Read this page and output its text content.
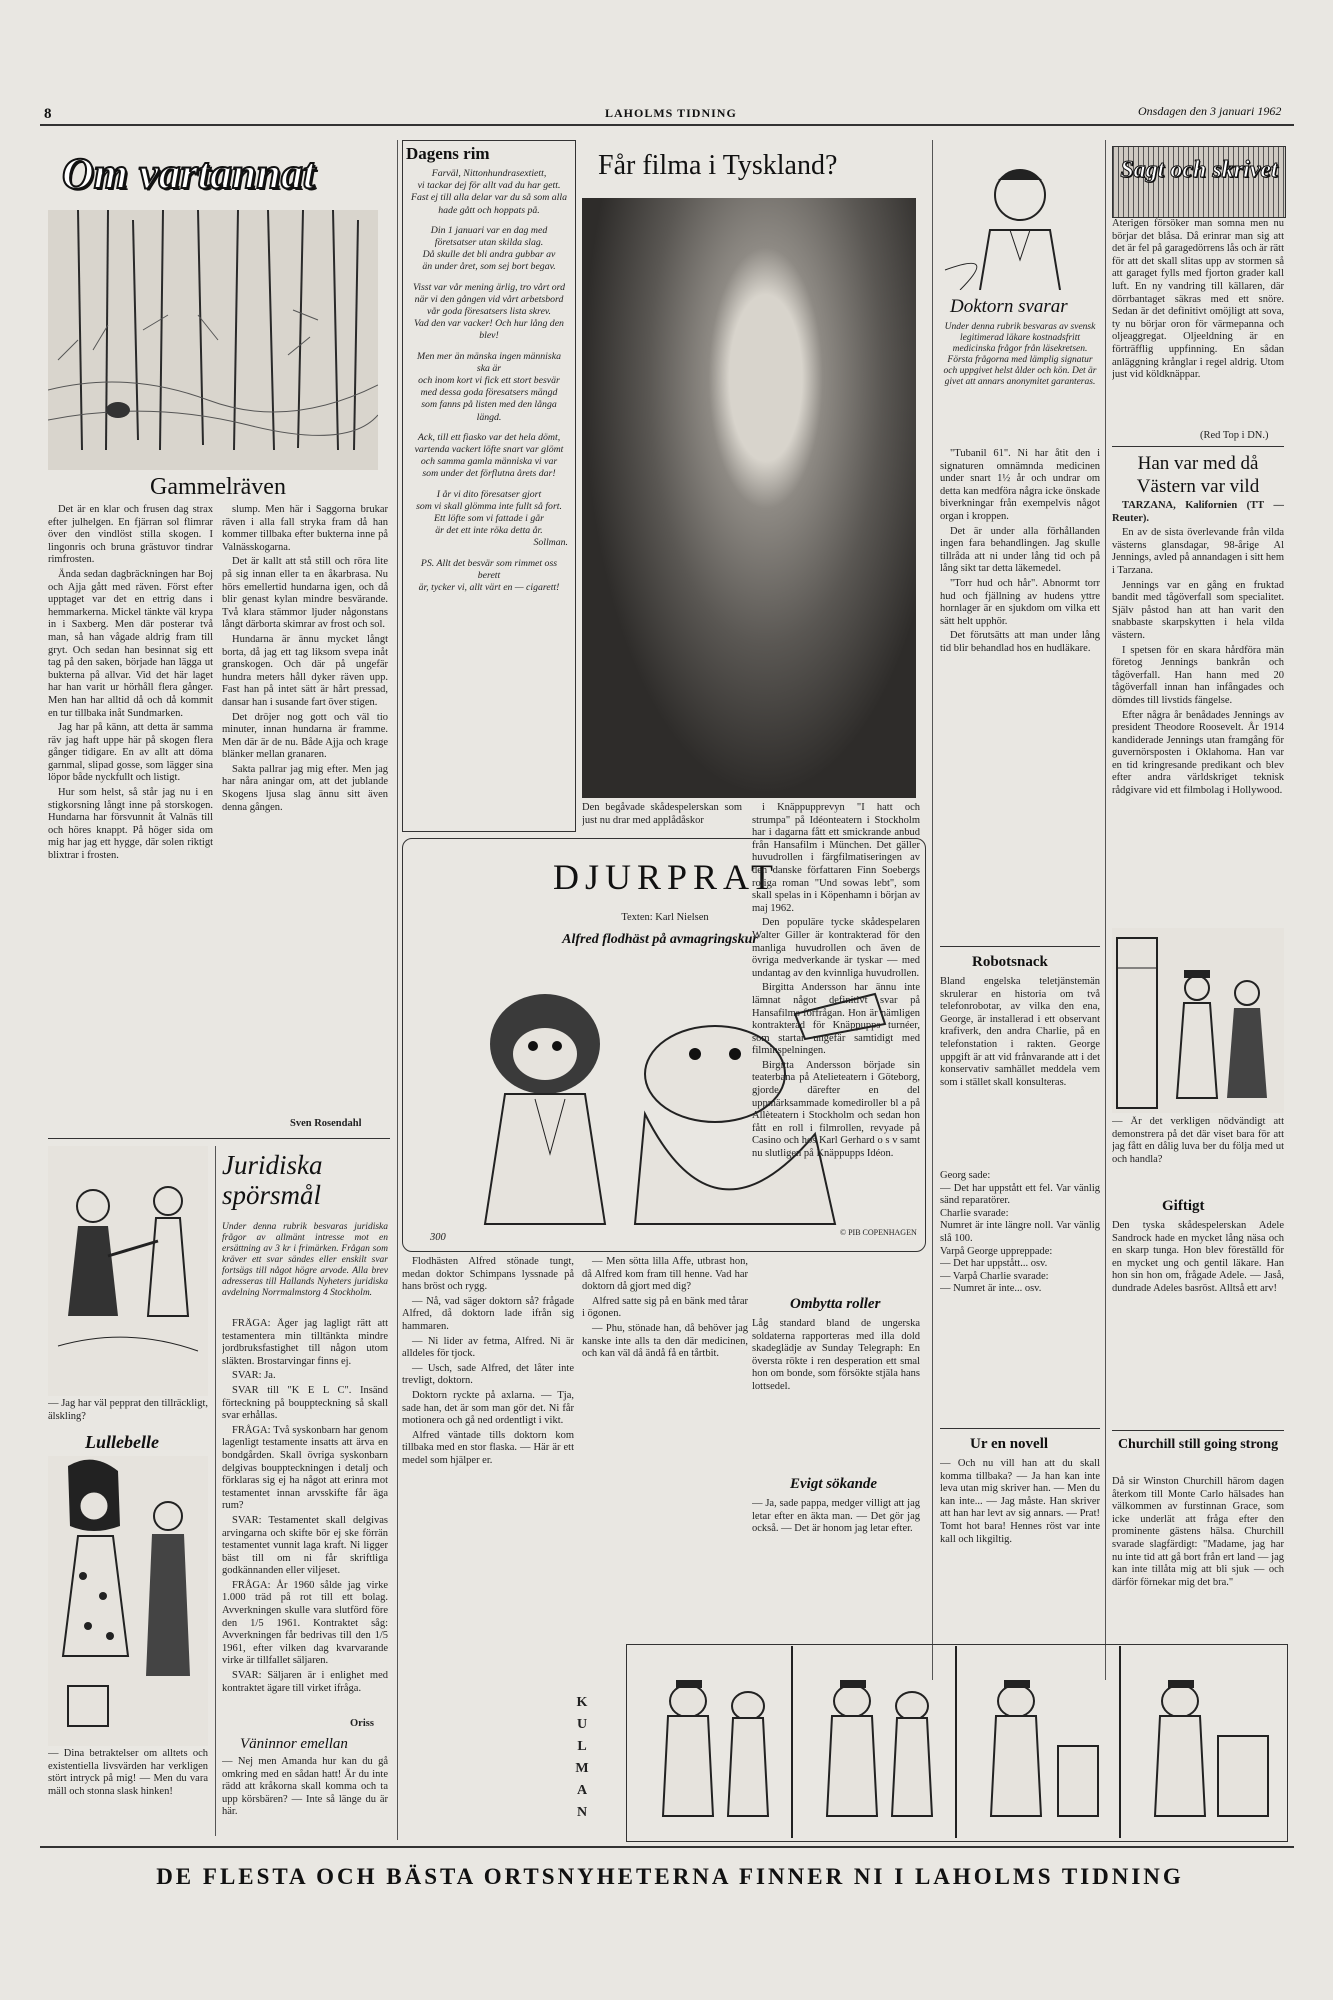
8	LAHOLMS TIDNING	Onsdagen den 3 januari 1962
Om vartannat
Gammelräven

Det är en klar och frusen dag strax efter julhelgen. En fjärran sol flimrar över den vindlöst stilla skogen. I lingonris och bruna grästuvor tindrar rimfrosten.

Ända sedan dagbräckningen har Boj och Ajja gått med räven. Först efter upptaget var det en ettrig dans i hemmarkerna. Mickel tänkte väl krypa in i Saxberg. Men där posterar två man, så han vågade aldrig fram till gryt. Och sedan han besinnat sig ett tag på den saken, började han lägga ut bukterna på allvar. Vid det här laget har han varit ur hörhåll flera gånger. Men han har alltid då och då kommit en tur tillbaka inåt Sundmarken.

Jag har på känn, att detta är samma räv jag haft uppe här på skogen flera gånger tidigare. En av allt att döma garnmal, slipad gosse, som lägger sina löpor både nyckfullt och listigt.

Hur som helst, så står jag nu i en stigkorsning långt inne på storskogen. Hundarna har försvunnit åt Valnäs till och höres knappt. På höger sida om mig har jag ett hygge, där solen riktigt blixtrar i frosten.

slump. Men här i Saggorna brukar räven i alla fall stryka fram då han kommer tillbaka efter bukterna inne på Valnässkogarna.

Det är kallt att stå still och röra lite på sig innan eller ta en åkarbrasa. Nu hörs emellertid hundarna igen, och då blir genast kylan mindre besvärande. Två klara stämmor ljuder någonstans långt därborta skimrar av frost och sol.

Hundarna är ännu mycket långt borta, då jag ett tag liksom svepa inåt granskogen. Och där på ungefär hundra meters håll dyker räven upp. Fast han på intet sätt är hårt pressad, dansar han i susande fart över stigen.

Det dröjer nog gott och väl tio minuter, innan hundarna är framme. Men där är de nu. Både Ajja och krage blänker mellan granaren.

Sakta pallrar jag mig efter. Men jag har nåra aningar om, att det jublande Skogens ljusa slag ännu sitt även denna gången.

Sven Rosendahl
— Jag har väl pepprat den tillräckligt, älskling?
Lullebelle
— Dina betraktelser om alltets och existentiella livsvärden har verkligen stört intryck på mig! — Men du vara mäll och stonna slask hinken!
Juridiska spörsmål
Under denna rubrik besvaras juridiska frågor av allmänt intresse mot en ersättning av 3 kr i frimärken. Frågan som kräver ett svar sändes eller enskilt svar fortsägs till något högre arvode. Alla brev adresseras till Hallands Nyheters juridiska avdelning Norrmalmstorg 4 Stockholm.

FRÅGA: Äger jag lagligt rätt att testamentera min tilltänkta mindre jordbruksfastighet till någon utom släkten. Brostarvingar finns ej.

SVAR: Ja.

SVAR till "K E L C". Insänd förteckning på bouppteckning så skall svar erhållas.

FRÅGA: Två syskonbarn har genom lagenligt testamente insatts att ärva en bondgården. Skall övriga syskonbarn delgivas bouppteckningen i detalj och förklaras sig ej ha något att erinra mot testamentet innan arvsskifte får äga rum?

SVAR: Testamentet skall delgivas arvingarna och skifte bör ej ske förrän testamentet vunnit laga kraft. Ni ligger bäst till om ni får skriftliga godkännanden eller viljeset.

FRÅGA: År 1960 sålde jag virke 1.000 träd på rot till ett bolag. Avverkningen skulle vara slutförd före den 1/5 1961. Kontraktet såg: Avverkningen får bedrivas till den 1/5 1961, efter vilken dag kvarvarande virke är tillfallet säljaren.

SVAR: Säljaren är i enlighet med kontraktet ägare till virket ifråga.

Oriss
Väninnor emellan
— Nej men Amanda hur kan du gå omkring med en sådan hatt! Är du inte rädd att kråkorna skall komma och ta upp körsbären? — Inte så länge du är här.
Dagens rim
Farväl, Nittonhundrasextiett,
vi tackar dej för allt vad du har gett.
Fast ej till alla delar var du så som alla hade gått och hoppats på.
Din 1 januari var en dag med företsatser utan skilda slag.
Då skulle det bli andra gubbar av
än under året, som sej bort begav.
Visst var vår mening ärlig, tro vårt ord
när vi den gången vid vårt arbetsbord
vår goda föresatsers lista skrev.
Vad den var vacker! Och hur lång den blev!
Men mer än mänska ingen människa ska är
och inom kort vi fick ett stort besvär
med dessa goda föresatsers mängd
som fanns på listen med den långa längd.
Ack, till ett fiasko var det hela dömt,
vartenda vackert löfte snart var glömt
och samma gamla människa vi var
som under det förflutna årets dar!
I år vi dito föresatser gjort
som vi skall glömma inte fullt så fort.
Ett löfte som vi fattade i går
är det ett inte röka detta år.
Sollman.
PS. Allt det besvär som rimmet oss berett
är, tycker vi, allt värt en — cigarett!
DJURPRAT
Texten: Karl Nielsen
Alfred flodhäst på avmagringskur
300	© PIB COPENHAGEN

Flodhästen Alfred stönade tungt, medan doktor Schimpans lyssnade på hans bröst och rygg.

— Nå, vad säger doktorn så? frågade Alfred, då doktorn lade ifrån sig hammaren.

— Ni lider av fetma, Alfred. Ni är alldeles för tjock.

— Usch, sade Alfred, det låter inte trevligt, doktorn.

Doktorn ryckte på axlarna. — Tja, sade han, det är som man gör det. Ni får motionera och gå ned ordentligt i vikt.

Alfred väntade tills doktorn kom tillbaka med en stor flaska. — Här är ett medel som hjälper er.

Får filma i Tyskland?
Den begåvade skådespelerskan som just nu drar med applådåskor

i Knäppupprevyn "I hatt och strumpa" på Idéonteatern i Stockholm har i dagarna fått ett smickrande anbud från Hansafilm i München. Det gäller huvudrollen i färgfilmatiseringen av den danske författaren Finn Soebergs roliga roman "Und sowas lebt", som skall spelas in i Köpenhamn i början av maj 1962.

Den populäre tycke skådespelaren Walter Giller är kontrakterad för den manliga huvudrollen och även de övriga medverkande är tyskar — med undantag av den kvinnliga huvudrollen.

Birgitta Andersson har ännu inte lämnat något definitivt svar på Hansafilms förfrågan. Hon är nämligen kontrakterad för Knäppupps turnéer, som startar ungefär samtidigt med filminspelningen.

Birgitta Andersson började sin teaterbana på Atelieteatern i Göteborg, gjorde därefter en del uppmärksammade komediroller bl a på Allèteatern i Stockholm och sedan hon fått en roll i filmrollen, revyade på Casino och hos Karl Gerhard o s v samt nu slutligen på Knäppupps Idéon.

— Men sötta lilla Affe, utbrast hon, då Alfred kom fram till henne. Vad har doktorn då gjort med dig?

Alfred satte sig på en bänk med tårar i ögonen.

— Phu, stönade han, då behöver jag kanske inte alls ta den där medicinen, och kan väl då ändå få en tårtbit.

Ombytta roller
Låg standard bland de ungerska soldaterna rapporteras med illa dold skadeglädje av Sunday Telegraph: En översta rökte i ren desperation ett smal hon om bonde, som försökte stjäla hans lottsedel.
Evigt sökande
— Ja, sade pappa, medger villigt att jag letar efter en äkta man. — Det gör jag också. — Det är honom jag letar efter.
Doktorn svarar
Under denna rubrik besvaras av svensk legitimerad läkare kostnadsfritt medicinska frågor från läsekretsen. Första frågorna med lämplig signatur och uppgivet helst ålder och kön. Det är givet att annars anonymitet garanteras.

"Tubanil 61". Ni har åtit den i signaturen omnämnda medicinen under snart 1½ år och undrar om detta kan medföra några icke önskade biverkningar från exempelvis något organ i kroppen.

Det är under alla förhållanden ingen fara behandlingen. Jag skulle tillråda att ni under lång tid och på lång sikt tar detta läkemedel.

"Torr hud och hår". Abnormt torr hud och fjällning av hudens yttre hornlager är en sjukdom om vilka ett sätt helt upphör.

Det förutsätts att man under lång tid blir behandlad hos en hudläkare.

Robotsnack
Bland engelska teletjänstemän skrulerar en historia om två telefonrobotar, av vilka den ena, George, är installerad i ett observant krafiverk, den andra Charlie, på en telefonstation i rakten. George uppgift är att vid frånvarande att i det konservativ samhället meddela vem som i stället skall konsulteras.
Georg sade:
— Det har uppstått ett fel. Var vänlig sänd reparatörer.
Charlie svarade:
Numret är inte längre noll. Var vänlig slå 100.
Varpå George uppreppade:
— Det har uppstått... osv.
— Varpå Charlie svarade:
— Numret är inte... osv.
Ur en novell
— Och nu vill han att du skall komma tillbaka? — Ja han kan inte leva utan mig skriver han. — Men du kan inte... — Jag måste. Han skriver att han har levt av sig annars. — Prat! Tomt hot bara! Hennes röst var inte kall och likgiltig.
Sagt och skrivet
Aterigen försöker man somna men nu börjar det blåsa. Då erinrar man sig att det är fel på garagedörrens lås och är rätt för att det skall slitas upp av stormen så att garaget fylls med fjorton grader kall luft. En ny vandring till källaren, där dörrbantaget säkras med ett snöre. Sedan är det definitivt omöjligt att sova, ty nu börjar oron för värmepanna och oljeaggregat. Oljeeldning är en förträfflig uppfinning. En sådan anläggning krånglar i regel aldrig. Utom just vid köldknäppar.
(Red Top i DN.)
Han var med då Västern var vild

TARZANA, Kalifornien (TT — Reuter).

En av de sista överlevande från vilda västerns glansdagar, 98-årige Al Jennings, avled på annandagen i sitt hem i Tarzana.

Jennings var en gång en fruktad bandit med tågöverfall som specialitet. Själv påstod han att han varit den snabbaste skarpskytten i hela vilda västern.

I spetsen för en skara hårdföra män företog Jennings bankrån och tågöverfall. Han hann med 20 tågöverfall innan han infångades och dömdes till livstids fängelse.

Efter några år benådades Jennings av president Theodore Roosevelt. År 1914 kandiderade Jennings utan framgång för guvernörsposten i Oklahoma. Han var en tid kringresande predikant och blev efter andra världskriget teknisk rådgivare vid ett filmbolag i Hollywood.

— Är det verkligen nödvändigt att demonstrera på det där viset bara för att jag fått en dålig luva ber du följa med ut och handla?
Giftigt
Den tyska skådespelerskan Adele Sandrock hade en mycket lång näsa och en skarp tunga. Hon blev föreställd för en mycket ung och gentil läkare. Han hon sin hon om, frågade Adele. — Jaså, dundrade Adeles basröst. Alltså ett arv!
Churchill still going strong
Då sir Winston Churchill härom dagen återkom till Monte Carlo hälsades han välkommen av furstinnan Grace, som icke underlät att fråga efter den prominente gästens hälsa. Churchill svarade slagfärdigt: "Madame, jag har nu inte tid att gå bort från ert land — jag kan inte tillåta mig att bli sjuk — och därför förnekar mig det bra."
K
U
L
M
A
N
DE FLESTA OCH BÄSTA ORTSNYHETERNA FINNER NI I LAHOLMS TIDNING
